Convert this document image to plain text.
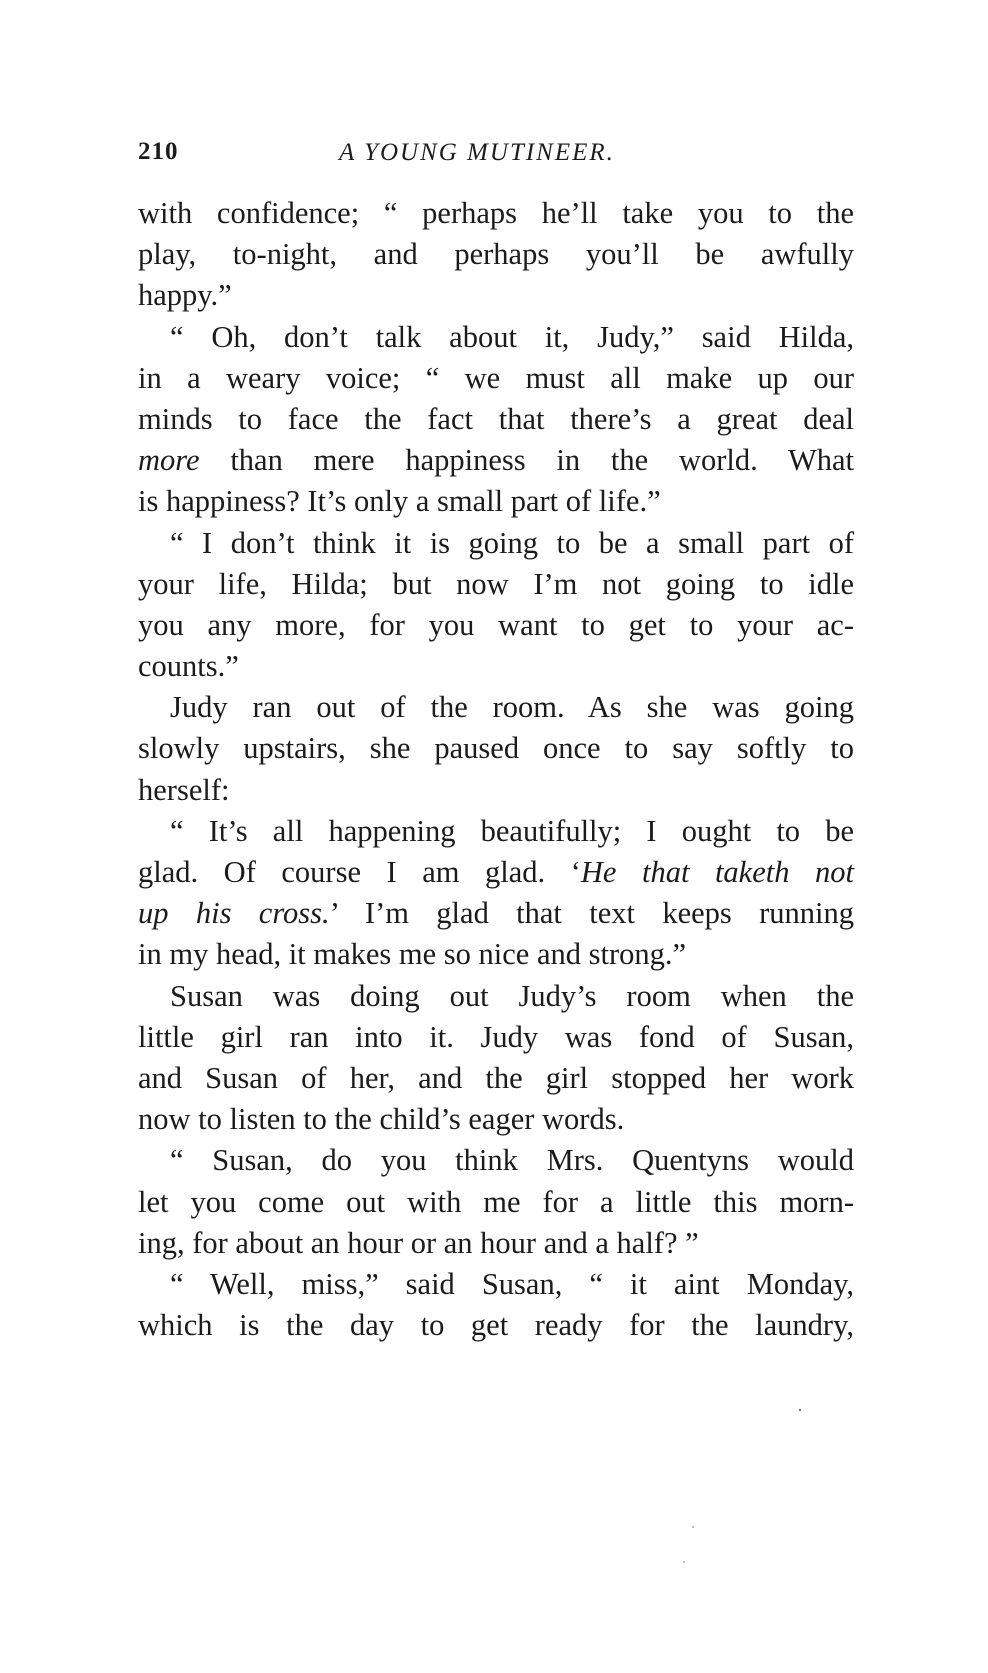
210	A YOUNG MUTINEER.
with confidence; “ perhaps he’ll take you to the
play, to-night, and perhaps you’ll be awfully
happy.”
“ Oh, don’t talk about it, Judy,” said Hilda,
in a weary voice; “ we must all make up our
minds to face the fact that there’s a great deal
more than mere happiness in the world. What
is happiness? It’s only a small part of life.”
“ I don’t think it is going to be a small part of
your life, Hilda; but now I’m not going to idle
you any more, for you want to get to your ac-
counts.”
Judy ran out of the room. As she was going
slowly upstairs, she paused once to say softly to
herself:
“ It’s all happening beautifully; I ought to be
glad. Of course I am glad. ‘He that taketh not
up his cross.’ I’m glad that text keeps running
in my head, it makes me so nice and strong.”
Susan was doing out Judy’s room when the
little girl ran into it. Judy was fond of Susan,
and Susan of her, and the girl stopped her work
now to listen to the child’s eager words.
“ Susan, do you think Mrs. Quentyns would
let you come out with me for a little this morn-
ing, for about an hour or an hour and a half? ”
“ Well, miss,” said Susan, “ it aint Monday,
which is the day to get ready for the laundry,
